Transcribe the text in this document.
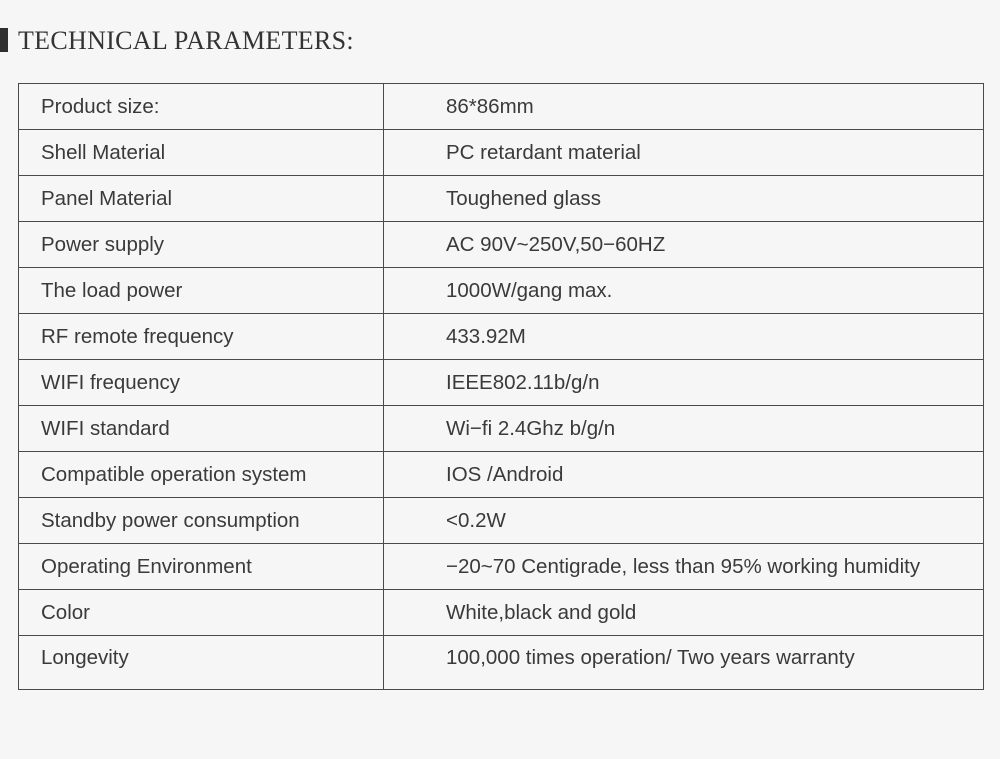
TECHNICAL PARAMETERS:
Product size:	86*86mm
Shell Material	PC retardant material
Panel Material	Toughened glass
Power supply	AC 90V~250V,50−60HZ
The load power	1000W/gang max.
RF remote frequency	433.92M
WIFI frequency	IEEE802.11b/g/n
WIFI standard	Wi−fi 2.4Ghz b/g/n
Compatible operation system	IOS /Android
Standby power consumption	<0.2W
Operating Environment	−20~70 Centigrade, less than 95% working humidity
Color	White,black and gold
Longevity	100,000 times operation/ Two years warranty
